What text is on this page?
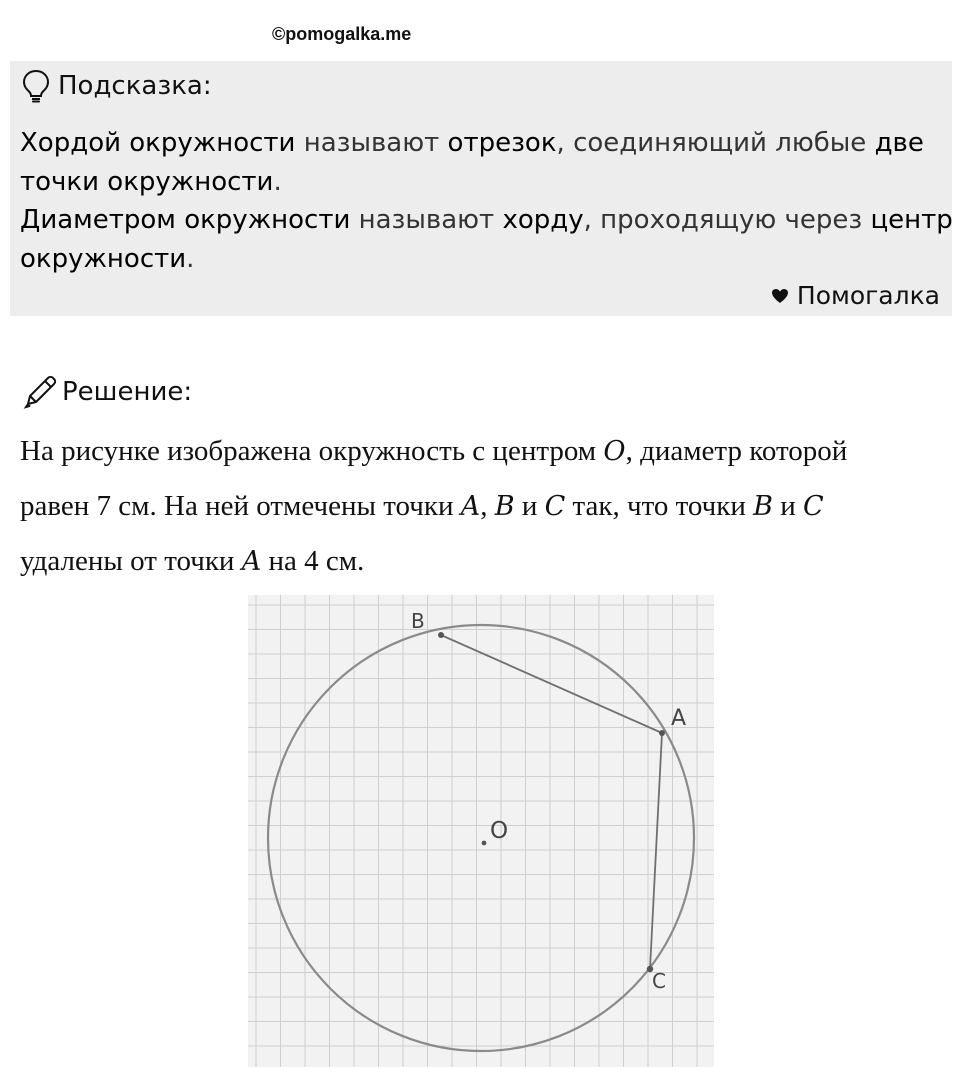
©pomogalka.me
Подсказка:
Хордой окружности называют отрезок, соединяющий любые две
точки окружности.
Диаметром окружности называют хорду, проходящую через центр
окружности.
Помогалка
Решение:
На рисунке изображена окружность с центром O, диаметр которой
равен 7 см. На ней отмечены точки A, B и C так, что точки B и C
удалены от точки A на 4 см.
B
A
C
O
